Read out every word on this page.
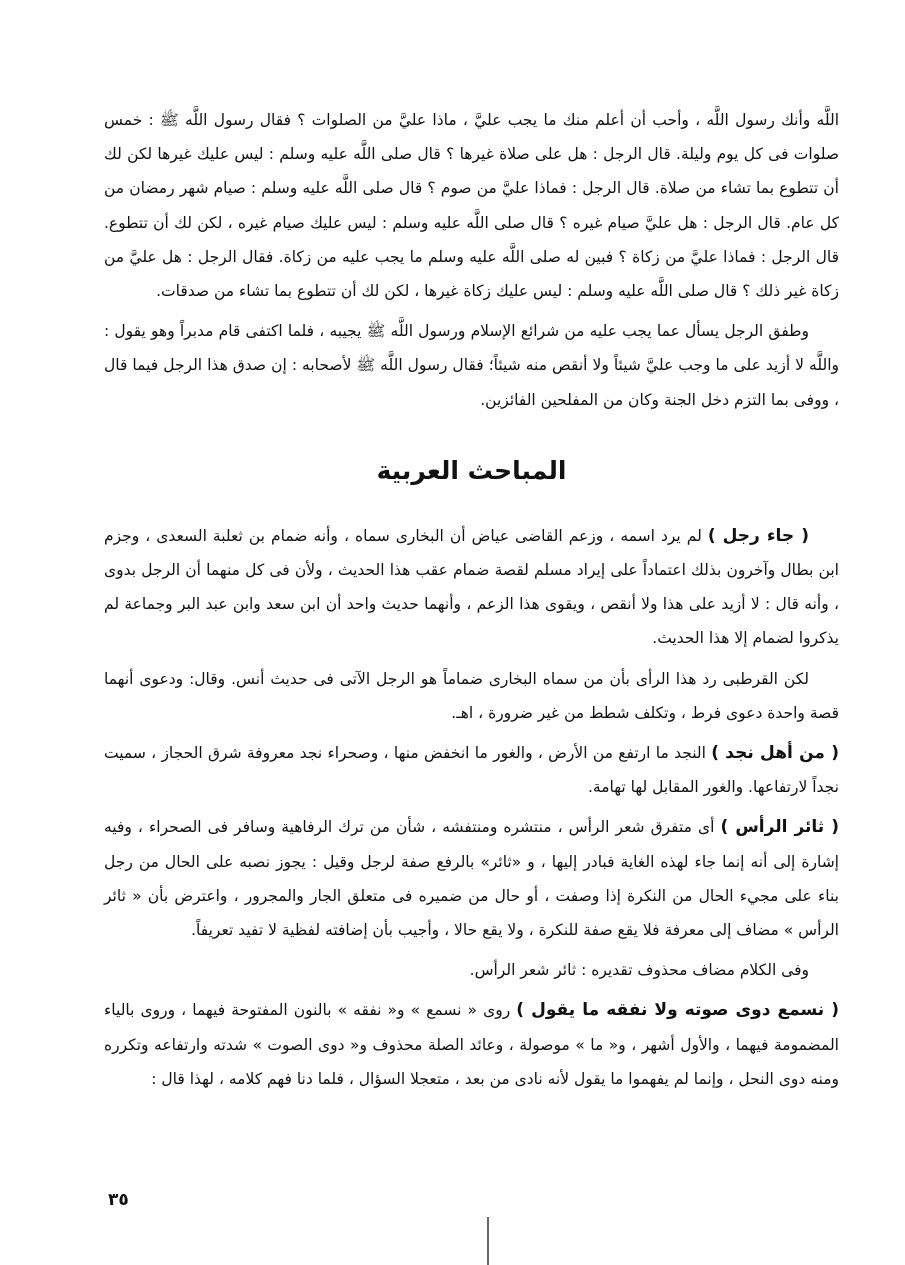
اللَّه وأنك رسول اللَّه ، وأحب أن أعلم منك ما يجب عليَّ ، ماذا عليَّ من الصلوات ؟ فقال رسول اللَّه ﷺ : خمس صلوات فى كل يوم وليلة. قال الرجل : هل على صلاة غيرها ؟ قال صلى اللَّه عليه وسلم : ليس عليك غيرها لكن لك أن تتطوع بما تشاء من صلاة. قال الرجل : فماذا عليَّ من صوم ؟ قال صلى اللَّه عليه وسلم : صيام شهر رمضان من كل عام. قال الرجل : هل عليَّ صيام غيره ؟ قال صلى اللَّه عليه وسلم : ليس عليك صيام غيره ، لكن لك أن تتطوع. قال الرجل : فماذا عليَّ من زكاة ؟ فبين له صلى اللَّه عليه وسلم ما يجب عليه من زكاة. فقال الرجل : هل عليَّ من زكاة غير ذلك ؟ قال صلى اللَّه عليه وسلم : ليس عليك زكاة غيرها ، لكن لك أن تتطوع بما تشاء من صدقات.

وطفق الرجل يسأل عما يجب عليه من شرائع الإسلام ورسول اللَّه ﷺ يجيبه ، فلما اكتفى قام مدبراً وهو يقول : واللَّه لا أزيد على ما وجب عليَّ شيئاً ولا أنقص منه شيئاً؛ فقال رسول اللَّه ﷺ لأصحابه : إن صدق هذا الرجل فيما قال ، ووفى بما التزم دخل الجنة وكان من المفلحين الفائزين.

المباحث العربية

( جاء رجل ) لم يرد اسمه ، وزعم القاضى عياض أن البخارى سماه ، وأنه ضمام بن ثعلبة السعدى ، وجزم ابن بطال وآخرون بذلك اعتماداً على إيراد مسلم لقصة ضمام عقب هذا الحديث ، ولأن فى كل منهما أن الرجل بدوى ، وأنه قال : لا أزيد على هذا ولا أنقص ، ويقوى هذا الزعم ، وأنهما حديث واحد أن ابن سعد وابن عبد البر وجماعة لم يذكروا لضمام إلا هذا الحديث.

لكن القرطبى رد هذا الرأى بأن من سماه البخارى ضماماً هو الرجل الآتى فى حديث أنس. وقال: ودعوى أنهما قصة واحدة دعوى فرط ، وتكلف شطط من غير ضرورة ، اهـ.

( من أهل نجد ) النجد ما ارتفع من الأرض ، والغور ما انخفض منها ، وصحراء نجد معروفة شرق الحجاز ، سميت نجداً لارتفاعها. والغور المقابل لها تهامة.

( ثائر الرأس ) أى متفرق شعر الرأس ، منتشره ومنتفشه ، شأن من ترك الرفاهية وسافر فى الصحراء ، وفيه إشارة إلى أنه إنما جاء لهذه الغاية فبادر إليها ، و «ثائر» بالرفع صفة لرجل وقيل : يجوز نصبه على الحال من رجل بناء على مجيء الحال من النكرة إذا وصفت ، أو حال من ضميره فى متعلق الجار والمجرور ، واعترض بأن « ثائر الرأس » مضاف إلى معرفة فلا يقع صفة للنكرة ، ولا يقع حالا ، وأجيب بأن إضافته لفظية لا تفيد تعريفاً.

وفى الكلام مضاف محذوف تقديره : ثائر شعر الرأس.

( نسمع دوى صوته ولا نفقه ما يقول ) روى « نسمع » و« نفقه » بالنون المفتوحة فيهما ، وروى بالياء المضمومة فيهما ، والأول أشهر ، و« ما » موصولة ، وعائد الصلة محذوف و« دوى الصوت » شدته وارتفاعه وتكرره ومنه دوى النحل ، وإنما لم يفهموا ما يقول لأنه نادى من بعد ، متعجلا السؤال ، فلما دنا فهم كلامه ، لهذا قال :

٣٥
